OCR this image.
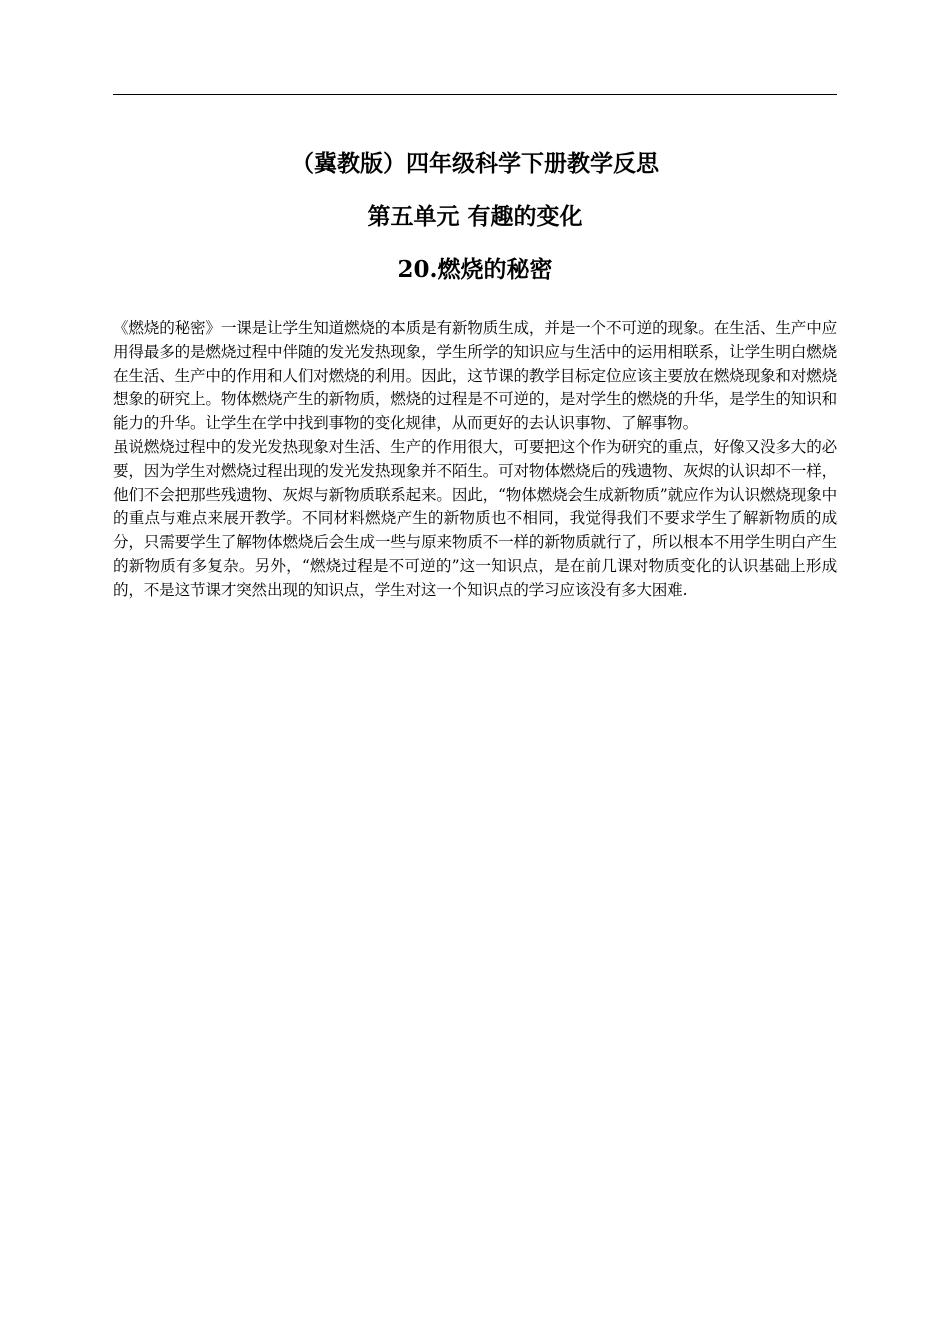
（冀教版）四年级科学下册教学反思
第五单元 有趣的变化
20.燃烧的秘密

《燃烧的秘密》一课是让学生知道燃烧的本质是有新物质生成，并是一个不可逆的现象。在生活、生产中应用得最多的是燃烧过程中伴随的发光发热现象，学生所学的知识应与生活中的运用相联系，让学生明白燃烧在生活、生产中的作用和人们对燃烧的利用。因此，这节课的教学目标定位应该主要放在燃烧现象和对燃烧想象的研究上。物体燃烧产生的新物质，燃烧的过程是不可逆的，是对学生的燃烧的升华，是学生的知识和能力的升华。让学生在学中找到事物的变化规律，从而更好的去认识事物、了解事物。

虽说燃烧过程中的发光发热现象对生活、生产的作用很大，可要把这个作为研究的重点，好像又没多大的必要，因为学生对燃烧过程出现的发光发热现象并不陌生。可对物体燃烧后的残遗物、灰烬的认识却不一样，他们不会把那些残遗物、灰烬与新物质联系起来。因此，“物体燃烧会生成新物质”就应作为认识燃烧现象中的重点与难点来展开教学。不同材料燃烧产生的新物质也不相同，我觉得我们不要求学生了解新物质的成分，只需要学生了解物体燃烧后会生成一些与原来物质不一样的新物质就行了，所以根本不用学生明白产生的新物质有多复杂。另外，“燃烧过程是不可逆的”这一知识点，是在前几课对物质变化的认识基础上形成的，不是这节课才突然出现的知识点，学生对这一个知识点的学习应该没有多大困难.
